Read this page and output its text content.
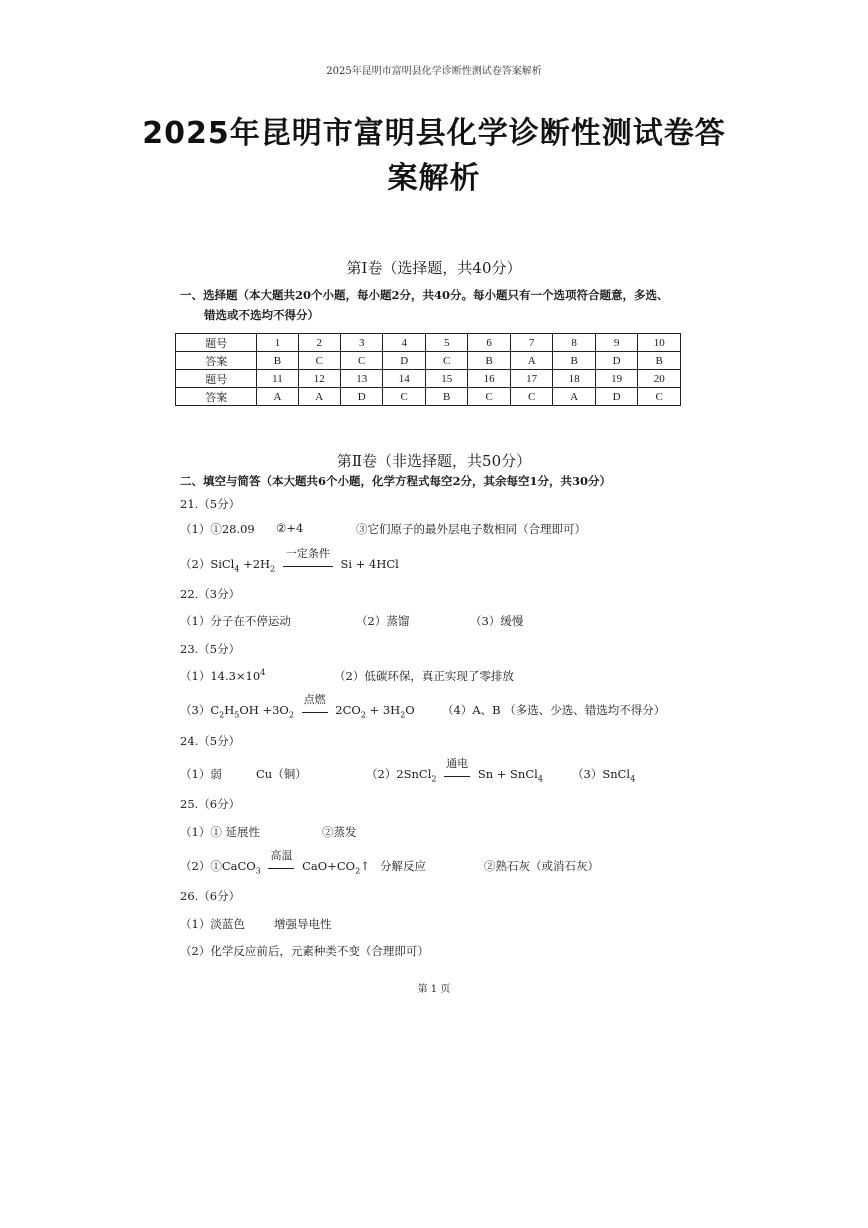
2025年昆明市富明县化学诊断性测试卷答案解析
2025年昆明市富明县化学诊断性测试卷答
案解析
第Ⅰ卷（选择题，共40分）
一、选择题（本大题共20个小题，每小题2分，共40分。每小题只有一个选项符合题意，多选、
错选或不选均不得分）
题号	1	2	3	4	5	6	7	8	9	10
答案	B	C	C	D	C	B	A	B	D	B
题号	11	12	13	14	15	16	17	18	19	20
答案	A	A	D	C	B	C	C	A	D	C
第Ⅱ卷（非选择题，共50分）
二、填空与简答（本大题共6个小题，化学方程式每空2分，其余每空1分，共30分）
21.（5分）
（1）①28.09 ②+4	③它们原子的最外层电子数相同（合理即可）
（2）SiCl$_4$ $+2H_2$
一定条件
Si + 4HCl
22.（3分）
（1）分子在不停运动	（2）蒸馏	（3）缓慢
23.（5分）
$(1)14.3\times 10^4$	（2）低碳环保，真正实现了零排放
$(3)C_2H_5OH +3O_2$
点燃
$2CO_2 + 3H_2O$ （4）A、B （多选、少选、错选均不得分）
24.（5分）
（1）弱	Cu（铜）	（2）2SnCl$_2$
通电
Sn + SnCl$_4$	（3）SnCl$_4$
25.（6分）
（1）① 延展性	②蒸发
（2）①CaCO$_3$
高温
$CaO+CO_2↑$ 分解反应	②熟石灰（或消石灰）
26.（6分）
（1）淡蓝色	增强导电性
（2）化学反应前后，元素种类不变（合理即可）
第 1 页
